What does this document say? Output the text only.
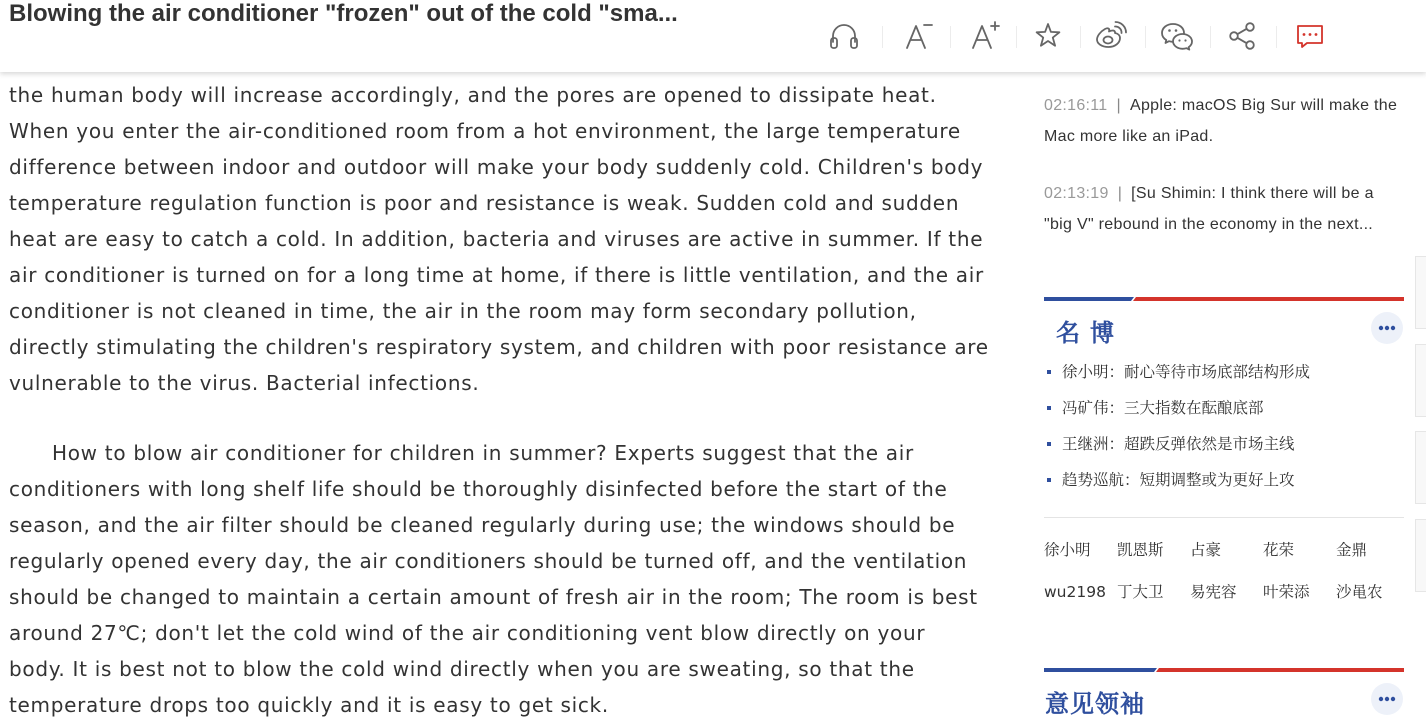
Blowing the air conditioner "frozen" out of the cold "sma...
the human body will increase accordingly, and the pores are opened to dissipate heat.
When you enter the air-conditioned room from a hot environment, the large temperature
difference between indoor and outdoor will make your body suddenly cold. Children's body
temperature regulation function is poor and resistance is weak. Sudden cold and sudden
heat are easy to catch a cold. In addition, bacteria and viruses are active in summer. If the
air conditioner is turned on for a long time at home, if there is little ventilation, and the air
conditioner is not cleaned in time, the air in the room may form secondary pollution,
directly stimulating the children's respiratory system, and children with poor resistance are
vulnerable to the virus. Bacterial infections.
How to blow air conditioner for children in summer? Experts suggest that the air
conditioners with long shelf life should be thoroughly disinfected before the start of the
season, and the air filter should be cleaned regularly during use; the windows should be
regularly opened every day, the air conditioners should be turned off, and the ventilation
should be changed to maintain a certain amount of fresh air in the room; The room is best
around 27℃; don't let the cold wind of the air conditioning vent blow directly on your
body. It is best not to blow the cold wind directly when you are sweating, so that the
temperature drops too quickly and it is easy to get sick.
02:16:11 | Apple: macOS Big Sur will make the Mac more like an iPad.
02:13:19 | [Su Shimin: I think there will be a "big V" rebound in the economy in the next...
名博
徐小明：耐心等待市场底部结构形成
冯矿伟：三大指数在酝酿底部
王继洲：超跌反弹依然是市场主线
趋势巡航：短期调整或为更好上攻
徐小明	凯恩斯	占豪	花荣	金鼎
wu2198 丁大卫	易宪容	叶荣添	沙黾农
意见领袖
